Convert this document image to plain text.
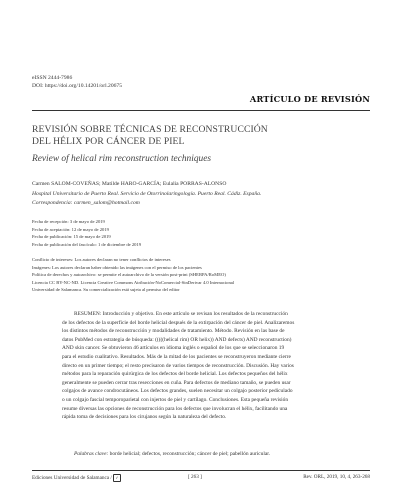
eISSN 2444-7986
DOI: https://doi.org/10.14201/orl.20675
ARTÍCULO DE REVISIÓN
REVISIÓN SOBRE TÉCNICAS DE RECONSTRUCCIÓN
DEL HÉLIX POR CÁNCER DE PIEL
Review of helical rim reconstruction techniques
Carmen SALOM-COVEÑAS; Matilde HARO-GARCÍA; Eulalia PORRAS-ALONSO
Hospital Universitario de Puerto Real. Servicio de Otorrinolaringología. Puerto Real. Cádiz. España.
Correspondencia: carmen_salom@hotmail.com
Fecha de recepción: 3 de mayo de 2019
Fecha de aceptación: 12 de mayo de 2019
Fecha de publicación: 15 de mayo de 2019
Fecha de publicación del fascículo: 1 de diciembre de 2019
Conflicto de intereses: Los autores declaran no tener conflictos de intereses
Imágenes: Los autores declaran haber obtenido las imágenes con el permiso de los pacientes
Política de derechos y autoarchivo: se permite el autoarchivo de la versión post-print (SHERPA/RoMEO)
Licencia CC BY-NC-ND. Licencia Creative Commons Atribución-NoComercial-SinDerivar 4.0 Internacional
Universidad de Salamanca. Su comercialización está sujeta al permiso del editor
RESUMEN: Introducción y objetivo. En este artículo se revisan los resultados de la reconstrucción
de los defectos de la superficie del borde helicial después de la extirpación del cáncer de piel. Analizaremos
los distintos métodos de reconstrucción y modalidades de tratamiento. Método. Revisión en las base de
datos PubMed con estrategia de búsqueda: (((((helical rim) OR helix)) AND defects) AND reconstruction)
AND skin cancer. Se obtuvieron 46 artículos en idioma inglés o español de los que se seleccionaron 19
para el estudio cualitativo. Resultados. Más de la mitad de los pacientes se reconstruyeron mediante cierre
directo en un primer tiempo; el resto precisaron de varios tiempos de reconstrucción. Discusión. Hay varios
métodos para la reparación quirúrgica de los defectos del borde helicial. Los defectos pequeños del hélix
generalmente se pueden cerrar tras resecciones en cuña. Para defectos de mediano tamaño, se pueden usar
colgajos de avance condrocutáneos. Los defectos grandes, suelen necesitar un colgajo posterior pediculado
o un colgajo fascial temporoparietal con injertos de piel y cartílago. Conclusiones. Esta pequeña revisión
resume diversas las opciones de reconstrucción para los defectos que involucran el hélix, facilitando una
rápida toma de decisiones para los cirujanos según la naturaleza del defecto.
Palabras clave: borde helicial; defectos, reconstrucción; cáncer de piel; pabellón auricular.
Ediciones Universidad de Salamanca / ✓	[ 263 ]	Rev. ORL, 2019, 10, 4, 263-268
